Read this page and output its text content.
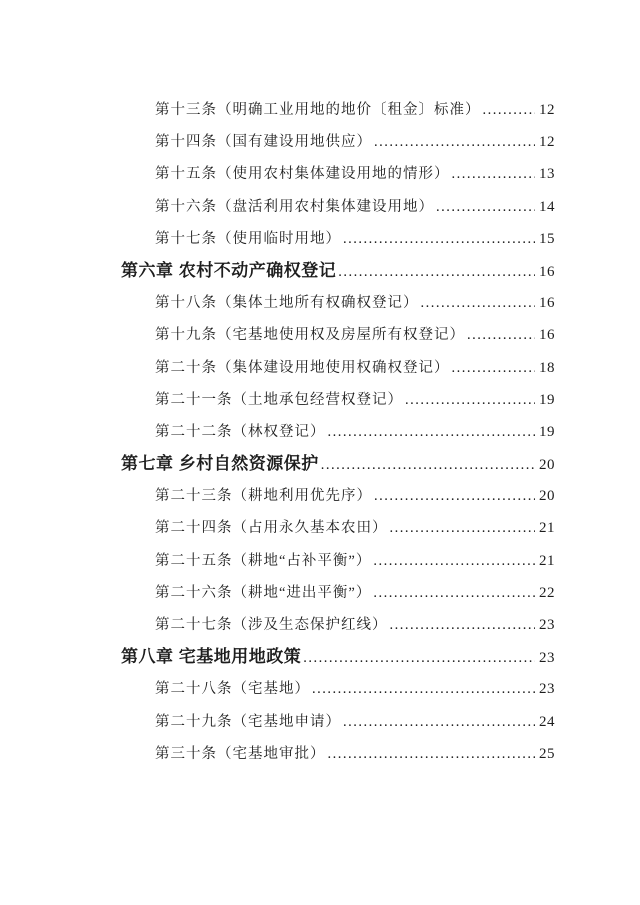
第十三条（明确工业用地的地价〔租金〕标准） .....	12
第十四条（国有建设用地供应） .....	12
第十五条（使用农村集体建设用地的情形） .....	13
第十六条（盘活利用农村集体建设用地） .....	14
第十七条（使用临时用地） .....	15
第六章 农村不动产确权登记 .....	16
第十八条（集体土地所有权确权登记） .....	16
第十九条（宅基地使用权及房屋所有权登记） .....	16
第二十条（集体建设用地使用权确权登记） .....	18
第二十一条（土地承包经营权登记） .....	19
第二十二条（林权登记） .....	19
第七章 乡村自然资源保护 .....	20
第二十三条（耕地利用优先序） .....	20
第二十四条（占用永久基本农田） .....	21
第二十五条（耕地“占补平衡”） .....	21
第二十六条（耕地“进出平衡”） .....	22
第二十七条（涉及生态保护红线） .....	23
第八章 宅基地用地政策 .....	23
第二十八条（宅基地） .....	23
第二十九条（宅基地申请） .....	24
第三十条（宅基地审批） .....	25
